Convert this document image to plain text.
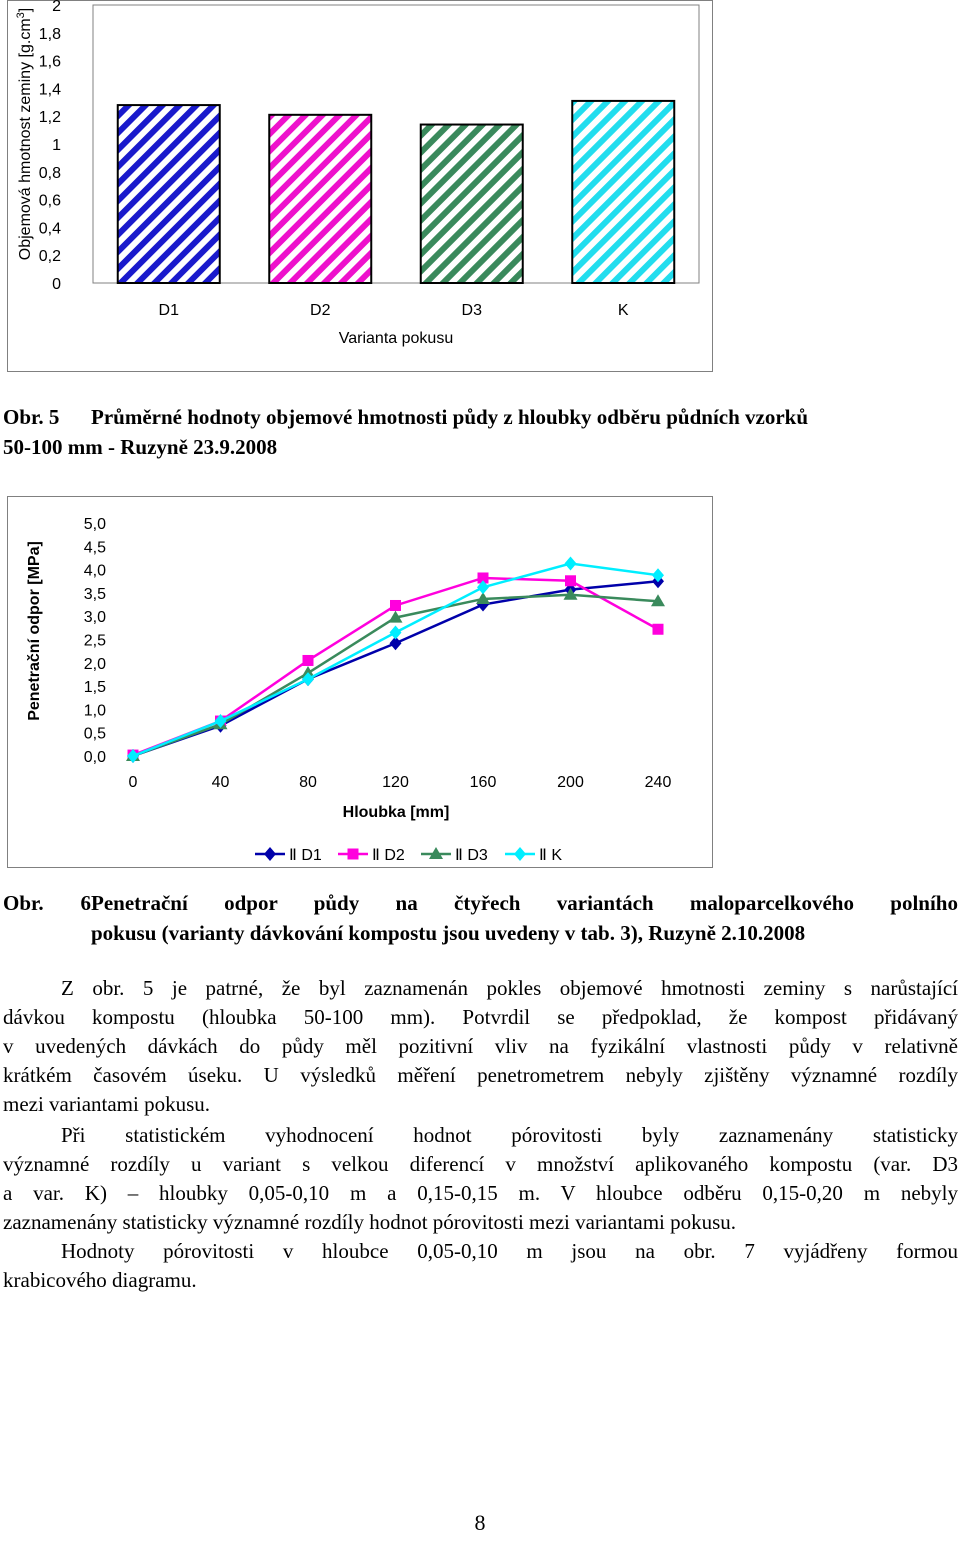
0
0,2
0,4
0,6
0,8
1
1,2
1,4
1,6
1,8
2
D1	D2	D3	K
Varianta pokusu
Objemová hmotnost zeminy $[g.cm^3]$
Obr. 5 Průměrné hodnoty objemové hmotnosti půdy z hloubky odběru půdních vzorků
50-100 mm - Ruzyně 23.9.2008
0,0
0,5
1,0
1,5
2,0
2,5
3,0
3,5
4,0
4,5
5,0
0	40	80	120	160	200	240
Hloubka [mm]
Penetrační odpor [MPa]
Ⅱ D1	Ⅱ D2	Ⅱ D3	Ⅱ K
Obr. 6Penetrační odpor půdy na čtyřech variantách maloparcelkového polního
pokusu (varianty dávkování kompostu jsou uvedeny v tab. 3), Ruzyně 2.10.2008
Z obr. 5 je patrné, že byl zaznamenán pokles objemové hmotnosti zeminy s narůstající
dávkou kompostu (hloubka 50-100 mm). Potvrdil se předpoklad, že kompost přidávaný
v uvedených dávkách do půdy měl pozitivní vliv na fyzikální vlastnosti půdy v relativně
krátkém časovém úseku. U výsledků měření penetrometrem nebyly zjištěny významné rozdíly
mezi variantami pokusu.
Při statistickém vyhodnocení hodnot pórovitosti byly zaznamenány statisticky
významné rozdíly u variant s velkou diferencí v množství aplikovaného kompostu (var. D3
a var. K) – hloubky 0,05-0,10 m a 0,15-0,15 m. V hloubce odběru 0,15-0,20 m nebyly
zaznamenány statisticky významné rozdíly hodnot pórovitosti mezi variantami pokusu.
Hodnoty pórovitosti v hloubce 0,05-0,10 m jsou na obr. 7 vyjádřeny formou
krabicového diagramu.
8
